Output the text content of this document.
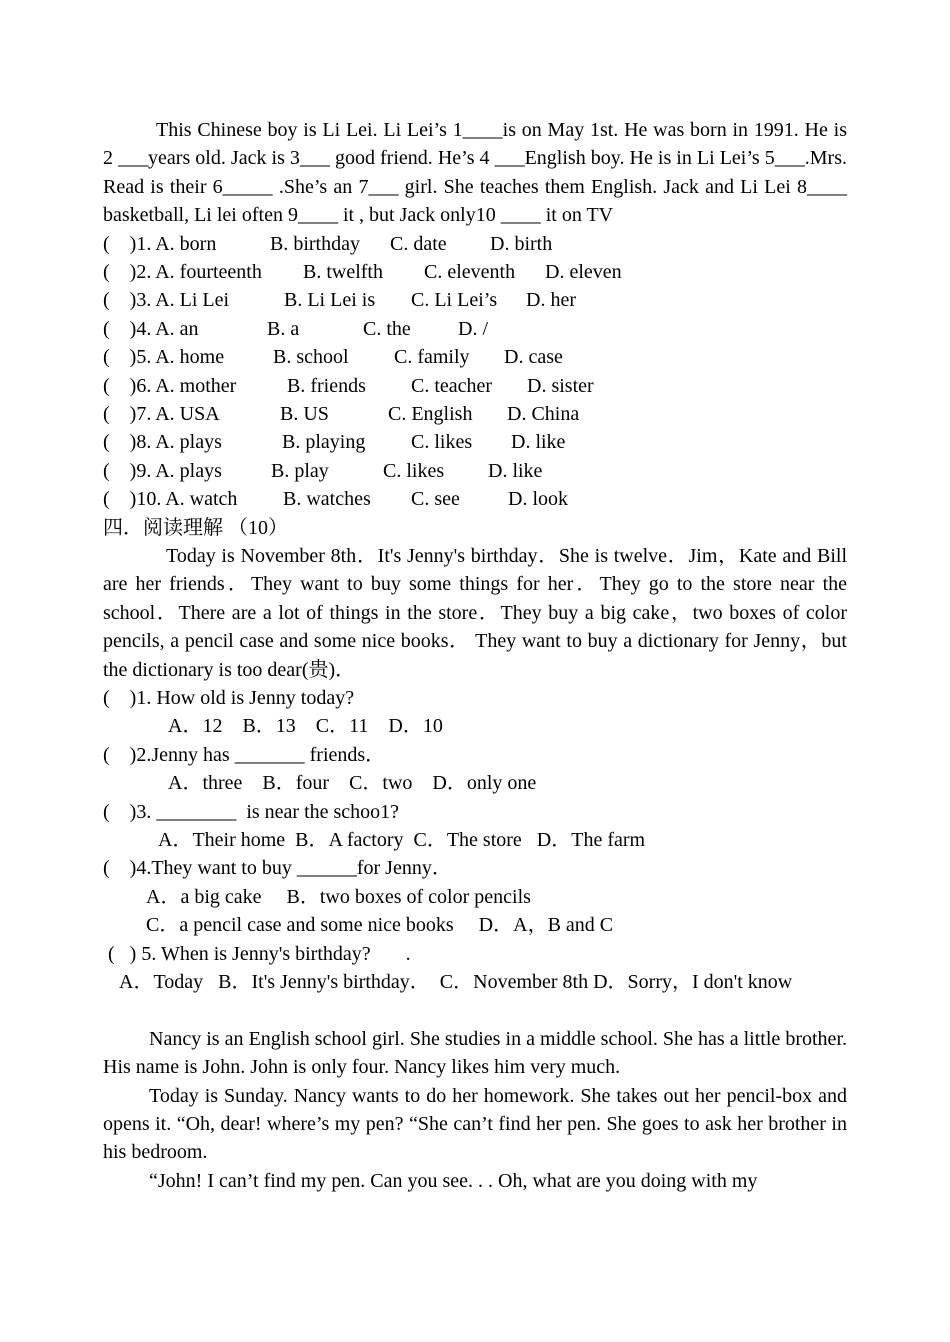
This Chinese boy is Li Lei. Li Lei’s 1____is on May 1st. He was born in 1991. He is 2 ___years old. Jack is 3___ good friend. He’s 4 ___English boy. He is in Li Lei’s 5___.Mrs. Read is their 6_____ .She’s an 7___ girl. She teaches them English. Jack and Li Lei 8____ basketball, Li lei often 9____ it , but Jack only10 ____ it on TV

(    )1. A. born	B. birthday C. date D. birth
(    )2. A. fourteenth B. twelfth C. eleventh D. eleven
(    )3. A. Li Lei	B. Li Lei is C. Li Lei’s D. her
(    )4. A. an	B. a	C. the D. /
(    )5. A. home B. school C. family D. case
(    )6. A. mother	B. friends C. teacher D. sister
(    )7. A. USA	B. US	C. English D. China
(    )8. A. plays	B. playing C. likes D. like
(    )9. A. plays B. play	C. likes D. like
(    )10. A. watch B. watches C. see D. look

四．阅读理解 （10）

Today is November 8th．It's Jenny's birthday．She is twelve．Jim，Kate and Bill are her friends．They want to buy some things for her．They go to the store near the school．There are a lot of things in the store．They buy a big cake，two boxes of color pencils, a pencil case and some nice books． They want to buy a dictionary for Jenny，but the dictionary is too dear(贵)．

(    )1. How old is Jenny today?

A．12    B．13    C．11    D．10

(    )2.Jenny has _______ friends．

A．three    B．four    C．two    D．only one

(    )3. ________  is near the schoo1?

A．Their home  B．A factory  C．The store   D．The farm

(    )4.They want to buy ______for Jenny．

A．a big cake     B．two boxes of color pencils

C．a pencil case and some nice books     D．A，B and C

(   ) 5. When is Jenny's birthday?       .

A．Today   B．It's Jenny's birthday．  C．November 8th D．Sorry，I don't know

Nancy is an English school girl. She studies in a middle school. She has a little brother. His name is John. John is only four. Nancy likes him very much.

Today is Sunday. Nancy wants to do her homework. She takes out her pencil-box and opens it. “Oh, dear! where’s my pen? “She can’t find her pen. She goes to ask her brother in his bedroom.

“John! I can’t find my pen. Can you see. . . Oh, what are you doing with my
